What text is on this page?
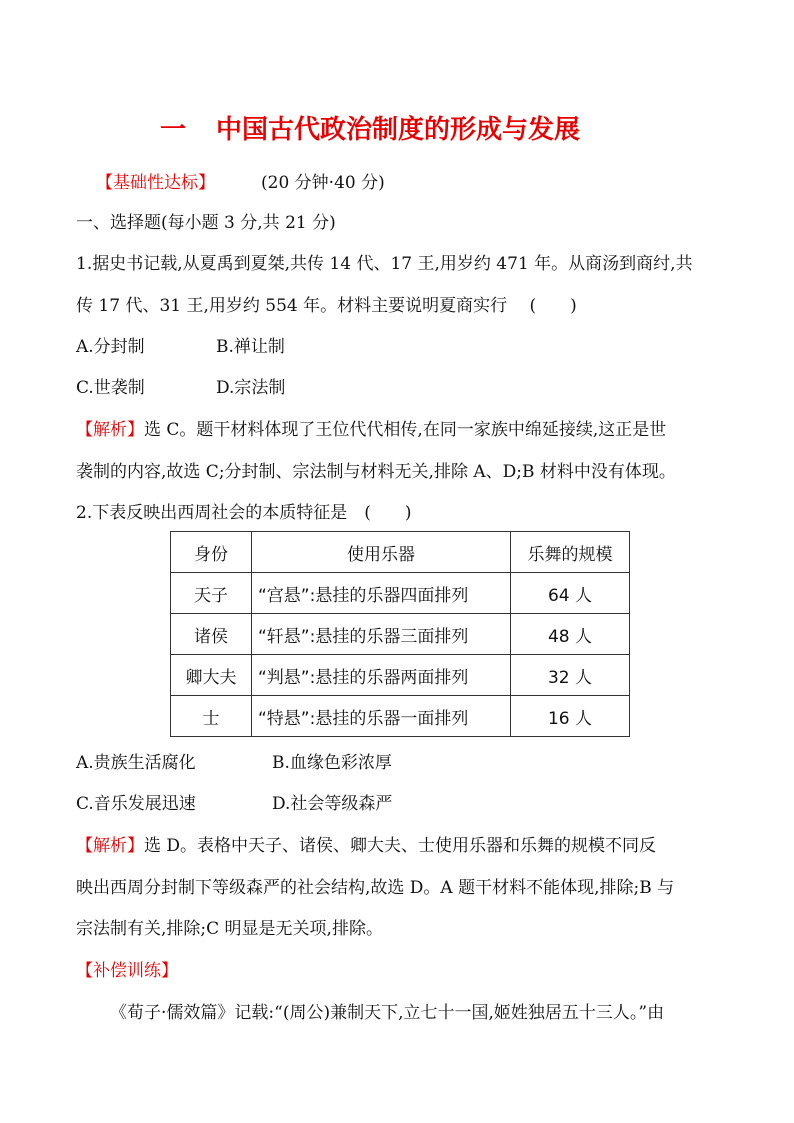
一 中国古代政治制度的形成与发展
【基础性达标】	(20 分钟·40 分)
一、选择题(每小题 3 分,共 21 分)
1.据史书记载,从夏禹到夏桀,共传 14 代、17 王,用岁约 471 年。从商汤到商纣,共
传 17 代、31 王,用岁约 554 年。材料主要说明夏商实行　 (　　)
A.分封制	B.禅让制
C.世袭制	D.宗法制
【解析】选 C。题干材料体现了王位代代相传,在同一家族中绵延接续,这正是世
袭制的内容,故选 C;分封制、宗法制与材料无关,排除 A、D;B 材料中没有体现。
2.下表反映出西周社会的本质特征是　(　　)
身份	使用乐器	乐舞的规模
天子	“宫悬”:悬挂的乐器四面排列	64 人
诸侯	“轩悬”:悬挂的乐器三面排列	48 人
卿大夫	“判悬”:悬挂的乐器两面排列	32 人
士	“特悬”:悬挂的乐器一面排列	16 人
A.贵族生活腐化	B.血缘色彩浓厚
C.音乐发展迅速	D.社会等级森严
【解析】选 D。表格中天子、诸侯、卿大夫、士使用乐器和乐舞的规模不同反
映出西周分封制下等级森严的社会结构,故选 D。A 题干材料不能体现,排除;B 与
宗法制有关,排除;C 明显是无关项,排除。
【补偿训练】
《荀子·儒效篇》记载:“(周公)兼制天下,立七十一国,姬姓独居五十三人。”由
